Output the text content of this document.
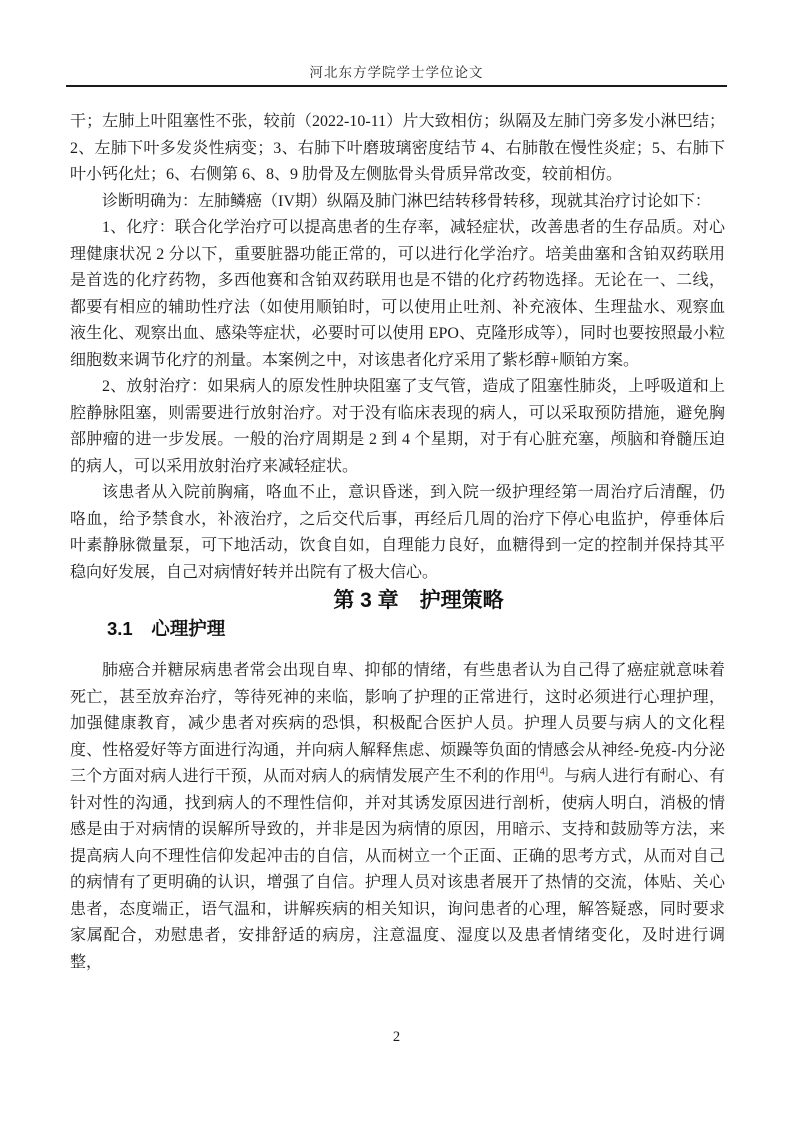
河北东方学院学士学位论文

干；左肺上叶阻塞性不张，较前（2022-10-11）片大致相仿；纵隔及左肺门旁多发小淋巴结；2、左肺下叶多发炎性病变；3、右肺下叶磨玻璃密度结节 4、右肺散在慢性炎症；5、右肺下叶小钙化灶；6、右侧第 6、8、9 肋骨及左侧肱骨头骨质异常改变，较前相仿。

诊断明确为：左肺鳞癌（IV期）纵隔及肺门淋巴结转移骨转移，现就其治疗讨论如下：

1、化疗：联合化学治疗可以提高患者的生存率，减轻症状，改善患者的生存品质。对心理健康状况 2 分以下，重要脏器功能正常的，可以进行化学治疗。培美曲塞和含铂双药联用是首选的化疗药物，多西他赛和含铂双药联用也是不错的化疗药物选择。无论在一、二线，都要有相应的辅助性疗法（如使用顺铂时，可以使用止吐剂、补充液体、生理盐水、观察血液生化、观察出血、感染等症状，必要时可以使用 EPO、克隆形成等），同时也要按照最小粒细胞数来调节化疗的剂量。本案例之中，对该患者化疗采用了紫杉醇+顺铂方案。

2、放射治疗：如果病人的原发性肿块阻塞了支气管，造成了阻塞性肺炎，上呼吸道和上腔静脉阻塞，则需要进行放射治疗。对于没有临床表现的病人，可以采取预防措施，避免胸部肿瘤的进一步发展。一般的治疗周期是 2 到 4 个星期，对于有心脏充塞，颅脑和脊髓压迫的病人，可以采用放射治疗来减轻症状。

该患者从入院前胸痛，咯血不止，意识昏迷，到入院一级护理经第一周治疗后清醒，仍咯血，给予禁食水，补液治疗，之后交代后事，再经后几周的治疗下停心电监护，停垂体后叶素静脉微量泵，可下地活动，饮食自如，自理能力良好，血糖得到一定的控制并保持其平稳向好发展，自己对病情好转并出院有了极大信心。

第 3 章　护理策略

3.1　心理护理

肺癌合并糖尿病患者常会出现自卑、抑郁的情绪，有些患者认为自己得了癌症就意味着死亡，甚至放弃治疗，等待死神的来临，影响了护理的正常进行，这时必须进行心理护理，加强健康教育，减少患者对疾病的恐惧，积极配合医护人员。护理人员要与病人的文化程度、性格爱好等方面进行沟通，并向病人解释焦虑、烦躁等负面的情感会从神经-免疫-内分泌三个方面对病人进行干预，从而对病人的病情发展产生不利的作用[4]。与病人进行有耐心、有针对性的沟通，找到病人的不理性信仰，并对其诱发原因进行剖析，使病人明白，消极的情感是由于对病情的误解所导致的，并非是因为病情的原因，用暗示、支持和鼓励等方法，来提高病人向不理性信仰发起冲击的自信，从而树立一个正面、正确的思考方式，从而对自己的病情有了更明确的认识，增强了自信。护理人员对该患者展开了热情的交流，体贴、关心患者，态度端正，语气温和，讲解疾病的相关知识，询问患者的心理，解答疑惑，同时要求家属配合，劝慰患者，安排舒适的病房，注意温度、湿度以及患者情绪变化，及时进行调整，

2
